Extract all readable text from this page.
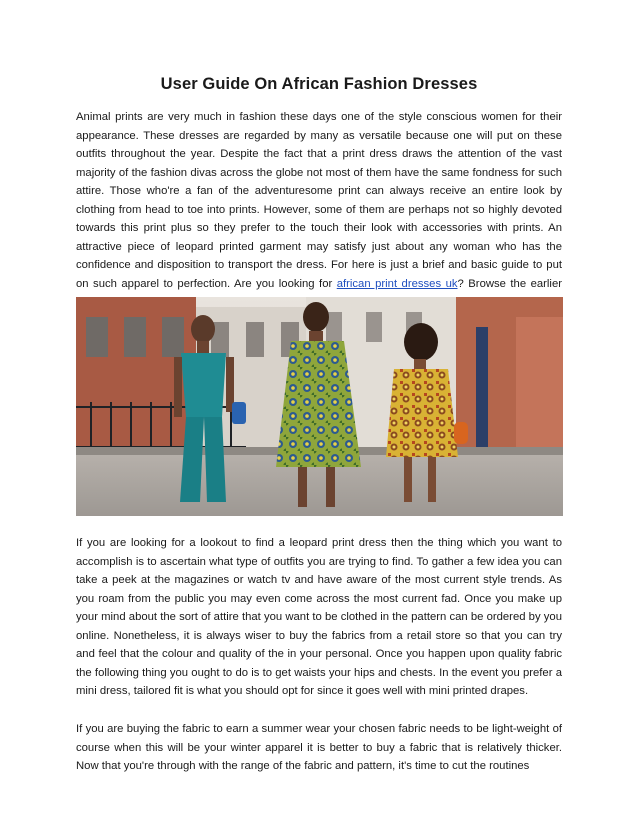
User Guide On African Fashion Dresses

Animal prints are very much in fashion these days one of the style conscious women for their appearance. These dresses are regarded by many as versatile because one will put on these outfits throughout the year. Despite the fact that a print dress draws the attention of the vast majority of the fashion divas across the globe not most of them have the same fondness for such attire. Those who're a fan of the adventuresome print can always receive an entire look by clothing from head to toe into prints. However, some of them are perhaps not so highly devoted towards this print plus so they prefer to the touch their look with accessories with prints. An attractive piece of leopard printed garment may satisfy just about any woman who has the confidence and disposition to transport the dress. For here is just a brief and basic guide to put on such apparel to perfection. Are you looking for african print dresses uk? Browse the earlier

If you are looking for a lookout to find a leopard print dress then the thing which you want to accomplish is to ascertain what type of outfits you are trying to find. To gather a few idea you can take a peek at the magazines or watch tv and have aware of the most current style trends. As you roam from the public you may even come across the most current fad. Once you make up your mind about the sort of attire that you want to be clothed in the pattern can be ordered by you online. Nonetheless, it is always wiser to buy the fabrics from a retail store so that you can try and feel that the colour and quality of the in your personal. Once you happen upon quality fabric the following thing you ought to do is to get waists your hips and chests. In the event you prefer a mini dress, tailored fit is what you should opt for since it goes well with mini printed drapes.

If you are buying the fabric to earn a summer wear your chosen fabric needs to be light-weight of course when this will be your winter apparel it is better to buy a fabric that is relatively thicker. Now that you're through with the range of the fabric and pattern, it's time to cut the routines
